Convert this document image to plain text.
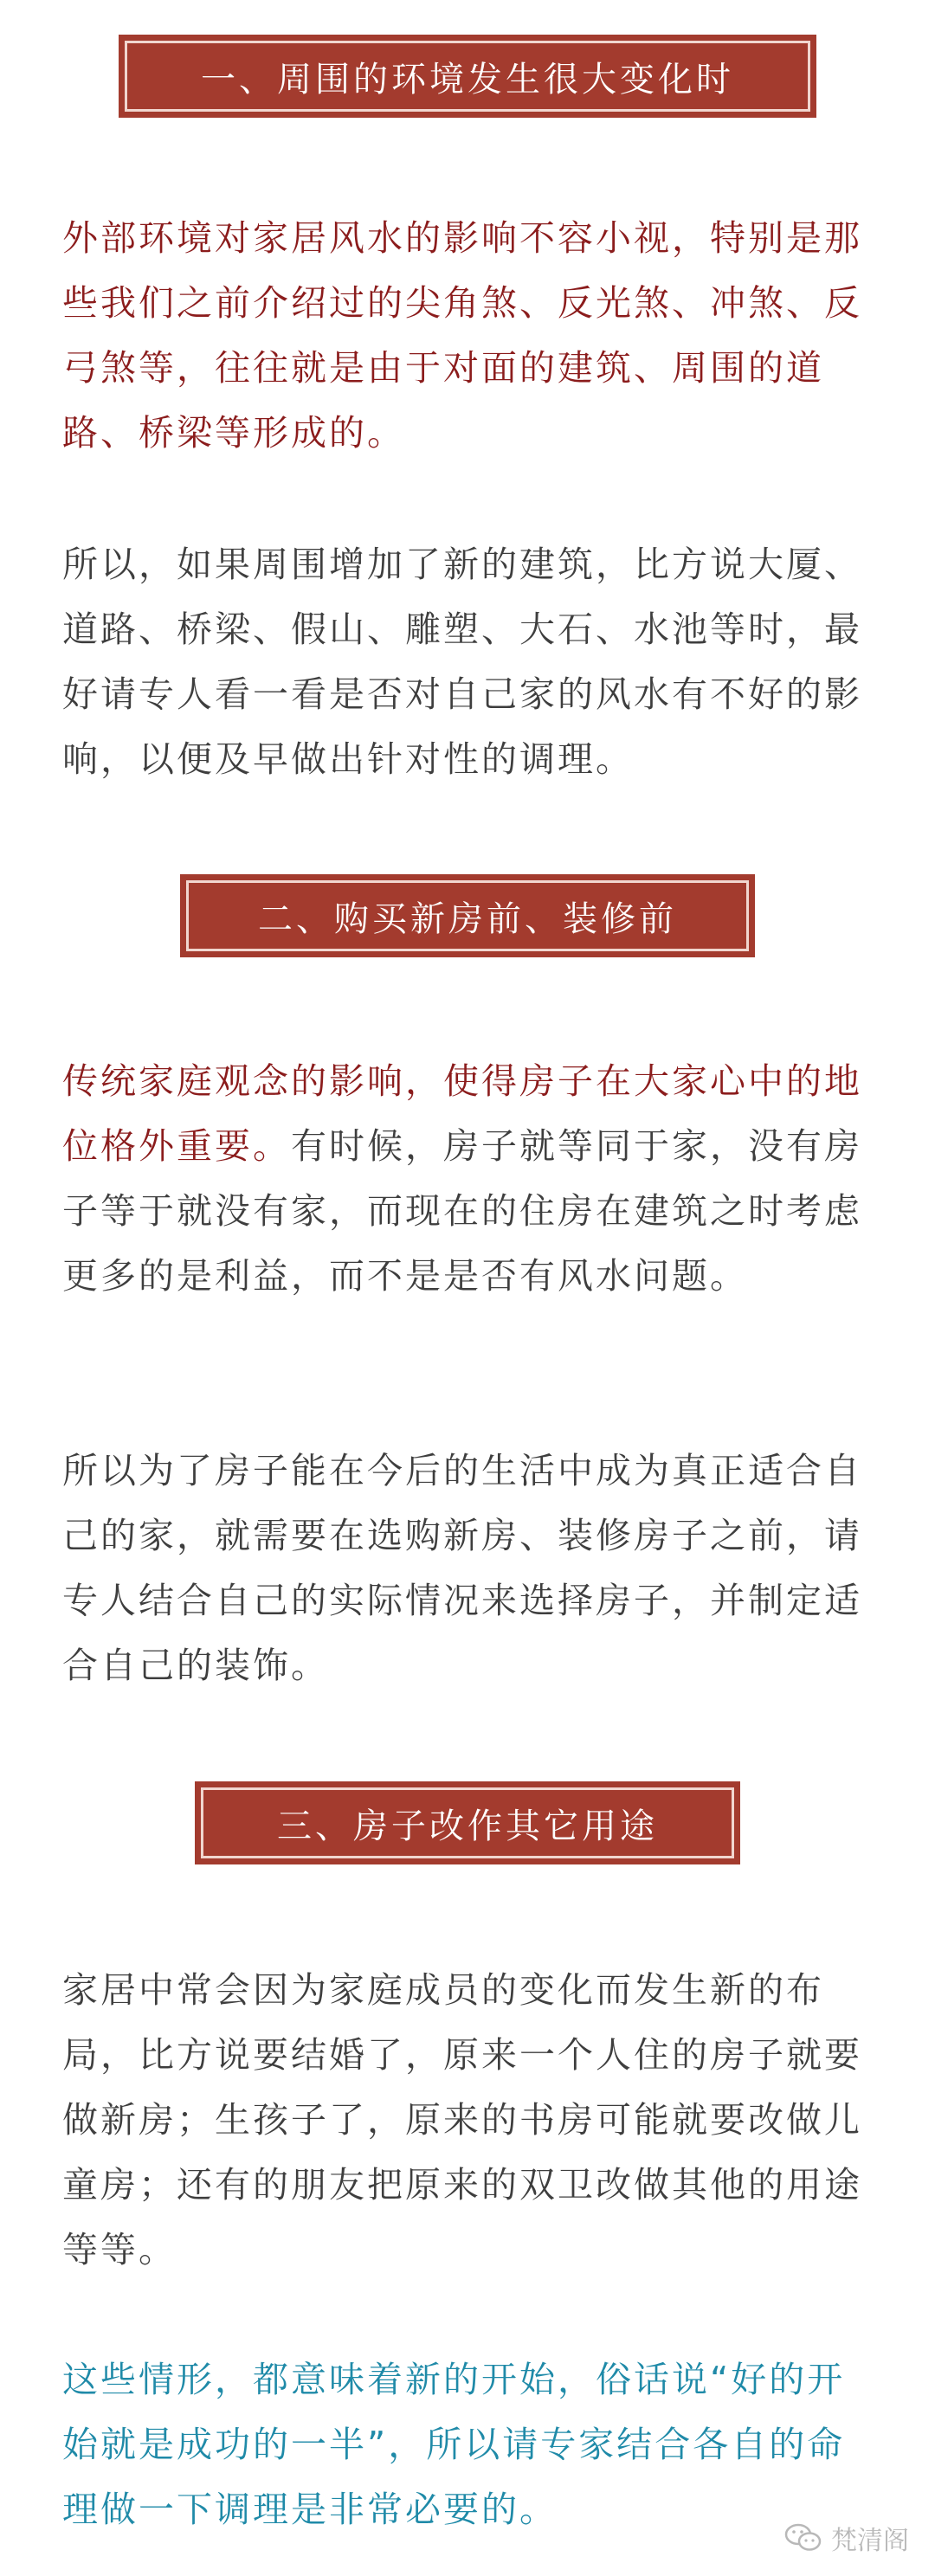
一、周围的环境发生很大变化时

外部环境对家居风水的影响不容小视，特别是那些我们之前介绍过的尖角煞、反光煞、冲煞、反弓煞等，往往就是由于对面的建筑、周围的道路、桥梁等形成的。

所以，如果周围增加了新的建筑，比方说大厦、道路、桥梁、假山、雕塑、大石、水池等时，最好请专人看一看是否对自己家的风水有不好的影响，以便及早做出针对性的调理。

二、购买新房前、装修前

传统家庭观念的影响，使得房子在大家心中的地位格外重要。有时候，房子就等同于家，没有房子等于就没有家，而现在的住房在建筑之时考虑更多的是利益，而不是是否有风水问题。

所以为了房子能在今后的生活中成为真正适合自己的家，就需要在选购新房、装修房子之前，请专人结合自己的实际情况来选择房子，并制定适合自己的装饰。

三、房子改作其它用途

家居中常会因为家庭成员的变化而发生新的布局，比方说要结婚了，原来一个人住的房子就要做新房；生孩子了，原来的书房可能就要改做儿童房；还有的朋友把原来的双卫改做其他的用途等等。

这些情形，都意味着新的开始，俗话说“好的开始就是成功的一半”，所以请专家结合各自的命理做一下调理是非常必要的。

梵清阁
